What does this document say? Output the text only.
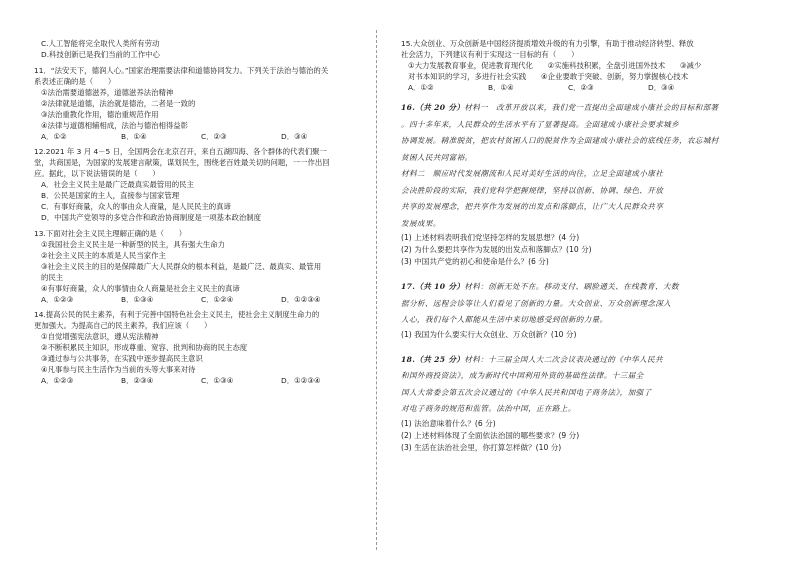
C.人工智能将完全取代人类所有劳动
D.科技创新已是我们当前的工作中心
11．“法安天下，德润人心。”国家治理需要法律和道德协同发力。下列关于法治与德治的关
系表述正确的是（　　）
①法治需要道德滋养，道德滋养法治精神
②法律就是道德，法治就是德治，二者是一致的
③法治重教化作用，德治重规范作用
④法律与道德相辅相成，法治与德治相得益彰
A．①②	B．①④	C．②③	D．③④
12.2021 年 3 月 4－5 日，全国两会在北京召开，来自五湖四海、各个群体的代表们聚一
堂，共商国是，为国家的发展建言献策，谋划民生，围绕老百姓最关切的问题，一一作出回
应。据此，以下说法错误的是（　　）
A．社会主义民主是最广泛最真实最管用的民主
B．公民是国家的主人，直接参与国家管理
C．有事好商量，众人的事由众人商量，是人民民主的真谛
D．中国共产党领导的多党合作和政治协商制度是一项基本政治制度
13.下面对社会主义民主理解正确的是（　　）
①我国社会主义民主是一种新型的民主，具有强大生命力
②社会主义民主的本质是人民当家作主
③社会主义民主的目的是保障最广大人民群众的根本利益，是最广泛、最真实、最管用
的民主
④有事好商量，众人的事情由众人商量是社会主义民主的真谛
A．①②③	B．①③④	C．①②④	D．①②③④
14.提高公民的民主素养，有利于完善中国特色社会主义民主，使社会主义制度生命力的
更加强大。为提高自己的民主素养，我们应该（　　）
①自觉增强宪法意识，遵从宪法精神
②不断积累民主知识，形成尊重、宽容、批判和协商的民主态度
③通过参与公共事务，在实践中逐步提高民主意识
④凡事参与民主生活作为当前的头等大事来对待
A．①②③	B．②③④	C．①③④	D．①②③④
15.大众创业、万众创新是中国经济提质增效升级的有力引擎，有助于推动经济转型、释放
社会活力，下列建议有利于实现这一目标的有（　　）
①大力发展教育事业，促进教育现代化　　②实施科技积累，全盘引进国外技术　　③减少
对书本知识的学习，多进行社会实践　　④企业要敢于突破、创新，努力掌握核心技术
A．①②	B．①④	C．②③	D．③④
16.（共 20 分）材料一　改革开放以来，我们党一直提出全面建成小康社会的目标和部署
。四十多年来，人民群众的生活水平有了显著提高。全面建成小康社会要求城乡
协调发展。精准脱贫，把农村贫困人口的脱贫作为全面建成小康社会的底线任务，农忘城村
贫困人民共同富裕。
材料二　顺应时代发展潮流和人民对美好生活的向往，立足全面建成小康社
会决胜阶段的实际，我们党科学把握规律，坚持以创新、协调、绿色、开放
共享的发展理念，把共享作为发展的出发点和落脚点，让广大人民群众共享
发展成果。
(1) 上述材料表明我们党坚持怎样的发展思想？(4 分)
(2) 为什么要把共享作为发展的出发点和落脚点？(10 分)
(3) 中国共产党的初心和使命是什么？(6 分)
17.（共 10 分）材料：创新无处不在。移动支付、刷脸通关、在线教育、大数
据分析、远程会诊等让人们看见了创新的力量。大众创业、万众创新理念深入
人心，我们每个人都能从生活中来切地感受到创新的力量。
(1) 我国为什么要实行大众创业、万众创新？(10 分)
18.（共 25 分）材料：十三届全国人大二次会议表决通过的《中华人民共
和国外商投资法》，成为新时代中国利用外资的基础性法律。十三届全
国人大常委会第五次会议通过的《中华人民共和国电子商务法》，加强了
对电子商务的规范和监管。法治中国，正在路上。
(1) 法治意味着什么？(6 分)
(2) 上述材料体现了全面依法治国的哪些要求？(9 分)
(3) 生活在法治社会里，你打算怎样做？(10 分)
